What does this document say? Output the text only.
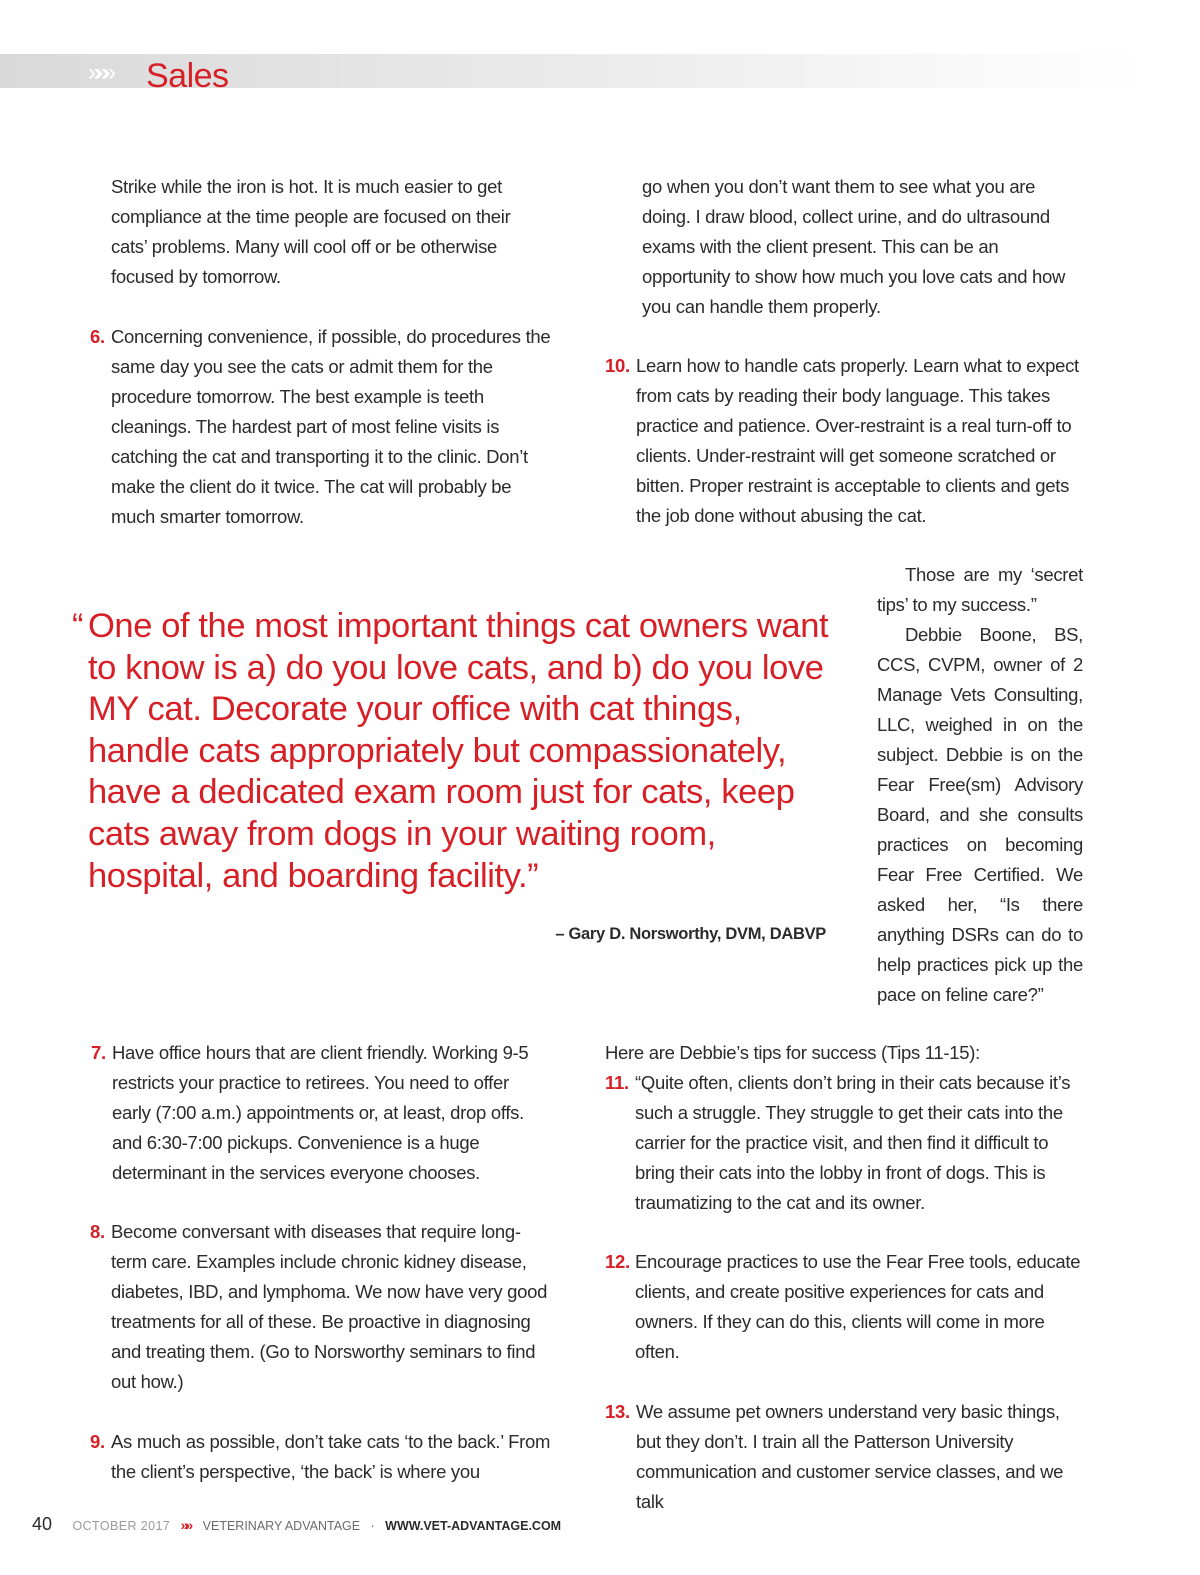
»»» Sales

Strike while the iron is hot. It is much easier to get compliance at the time people are focused on their cats’ problems. Many will cool off or be otherwise focused by tomorrow.

6. Concerning convenience, if possible, do procedures the same day you see the cats or admit them for the procedure tomorrow. The best example is teeth cleanings. The hardest part of most feline visits is catching the cat and transporting it to the clinic. Don’t make the client do it twice. The cat will probably be much smarter tomorrow.

go when you don’t want them to see what you are doing. I draw blood, collect urine, and do ultrasound exams with the client present. This can be an opportunity to show how much you love cats and how you can handle them properly.

10. Learn how to handle cats properly. Learn what to expect from cats by reading their body language. This takes practice and patience. Over-restraint is a real turn-off to clients. Under-restraint will get someone scratched or bitten. Proper restraint is acceptable to clients and gets the job done without abusing the cat.

“ One of the most important things cat owners want to know is a) do you love cats, and b) do you love MY cat. Decorate your office with cat things, handle cats appropriately but compassionately, have a dedicated exam room just for cats, keep cats away from dogs in your waiting room, hospital, and boarding facility.”

– Gary D. Norsworthy, DVM, DABVP

Those are my ‘secret tips’ to my success.”

Debbie Boone, BS, CCS, CVPM, owner of 2 Manage Vets Consulting, LLC, weighed in on the subject. Debbie is on the Fear Free(sm) Advisory Board, and she consults practices on becoming Fear Free Certified. We asked her, “Is there anything DSRs can do to help practices pick up the pace on feline care?”

7. Have office hours that are client friendly. Working 9-5 restricts your practice to retirees. You need to offer early (7:00 a.m.) appointments or, at least, drop offs. and 6:30-7:00 pickups. Convenience is a huge determinant in the services everyone chooses.

8. Become conversant with diseases that require long-term care. Examples include chronic kidney disease, diabetes, IBD, and lymphoma. We now have very good treatments for all of these. Be proactive in diagnosing and treating them. (Go to Norsworthy seminars to find out how.)

9. As much as possible, don’t take cats ‘to the back.’ From the client’s perspective, ‘the back’ is where you

Here are Debbie’s tips for success (Tips 11-15):

11. “Quite often, clients don’t bring in their cats because it’s such a struggle. They struggle to get their cats into the carrier for the practice visit, and then find it difficult to bring their cats into the lobby in front of dogs. This is traumatizing to the cat and its owner.

12. Encourage practices to use the Fear Free tools, educate clients, and create positive experiences for cats and owners. If they can do this, clients will come in more often.

13. We assume pet owners understand very basic things, but they don’t. I train all the Patterson University communication and customer service classes, and we talk

40 OCTOBER 2017 »» VETERINARY ADVANTAGE · WWW.VET-ADVANTAGE.COM
